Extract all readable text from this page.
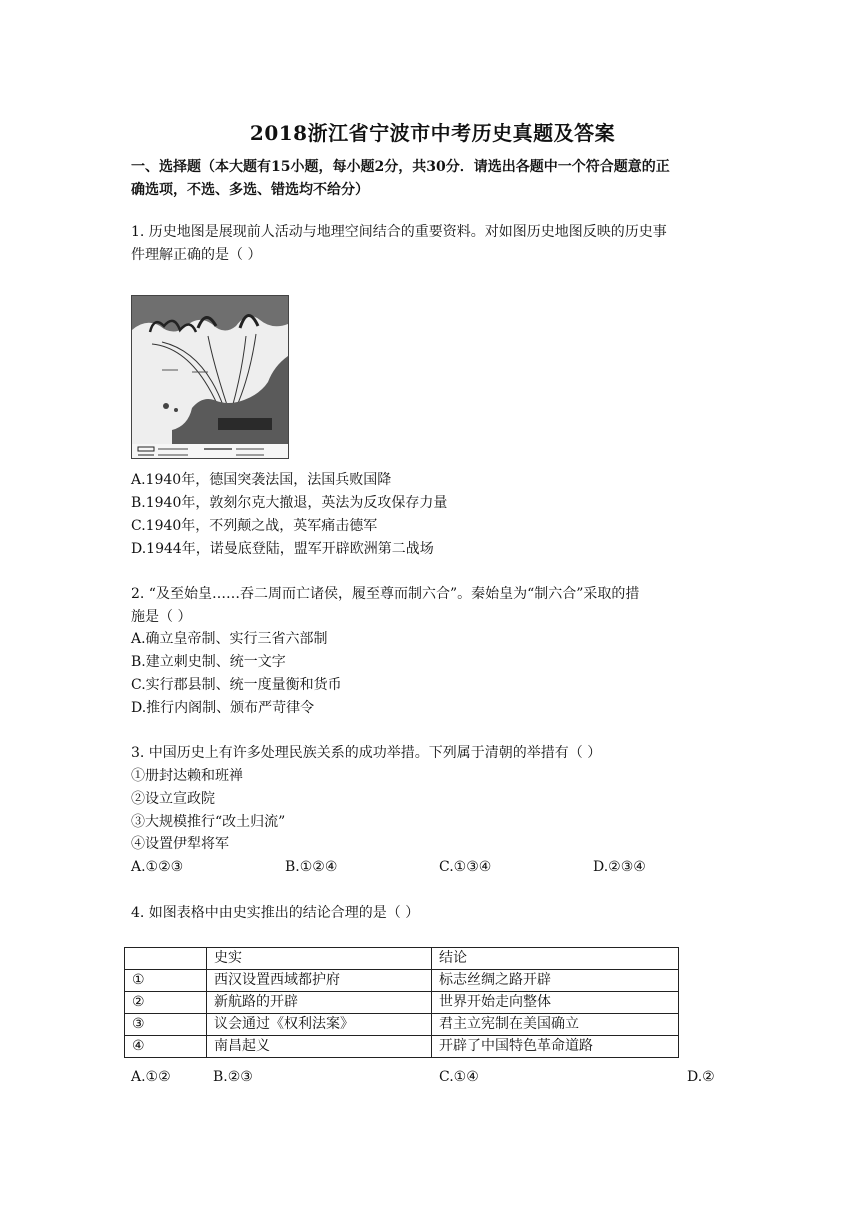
2018浙江省宁波市中考历史真题及答案
一、选择题（本大题有15小题，每小题2分，共30分．请选出各题中一个符合题意的正
确选项，不选、多选、错选均不给分）
1. 历史地图是展现前人活动与地理空间结合的重要资料。对如图历史地图反映的历史事
件理解正确的是（ ）
A.1940年，德国突袭法国，法国兵败国降
B.1940年，敦刻尔克大撤退，英法为反攻保存力量
C.1940年，不列颠之战，英军痛击德军
D.1944年，诺曼底登陆，盟军开辟欧洲第二战场
2. “及至始皇……吞二周而亡诸侯，履至尊而制六合”。秦始皇为“制六合”采取的措
施是（ ）
A.确立皇帝制、实行三省六部制
B.建立刺史制、统一文字
C.实行郡县制、统一度量衡和货币
D.推行内阁制、颁布严苛律令
3. 中国历史上有许多处理民族关系的成功举措。下列属于清朝的举措有（ ）
①册封达赖和班禅
②设立宣政院
③大规模推行“改土归流”
④设置伊犁将军
A.①②③	B.①②④	C.①③④	D.②③④
4. 如图表格中由史实推出的结论合理的是（ ）
	史实	结论
①	西汉设置西域都护府	标志丝绸之路开辟
②	新航路的开辟	世界开始走向整体
③	议会通过《权利法案》	君主立宪制在美国确立
④	南昌起义	开辟了中国特色革命道路
A.①②	B.②③	C.①④	D.②
